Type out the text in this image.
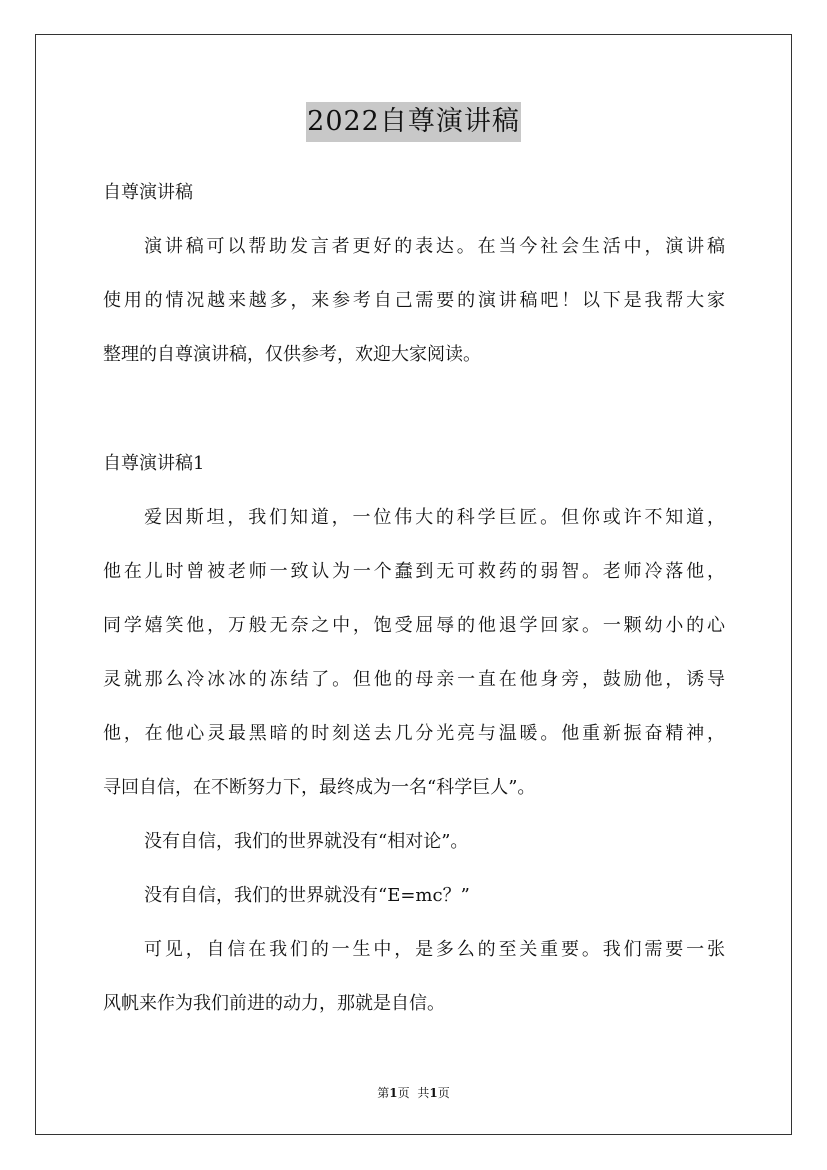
2022自尊演讲稿
自尊演讲稿
演讲稿可以帮助发言者更好的表达。在当今社会生活中，演讲稿
使用的情况越来越多，来参考自己需要的演讲稿吧！以下是我帮大家
整理的自尊演讲稿，仅供参考，欢迎大家阅读。
自尊演讲稿1
爱因斯坦，我们知道，一位伟大的科学巨匠。但你或许不知道，
他在儿时曾被老师一致认为一个蠢到无可救药的弱智。老师冷落他，
同学嬉笑他，万般无奈之中，饱受屈辱的他退学回家。一颗幼小的心
灵就那么冷冰冰的冻结了。但他的母亲一直在他身旁，鼓励他，诱导
他，在他心灵最黑暗的时刻送去几分光亮与温暖。他重新振奋精神，
寻回自信，在不断努力下，最终成为一名“科学巨人”。
没有自信，我们的世界就没有“相对论”。
没有自信，我们的世界就没有“E=mc？”
可见，自信在我们的一生中，是多么的至关重要。我们需要一张
风帆来作为我们前进的动力，那就是自信。
第1页 共1页
